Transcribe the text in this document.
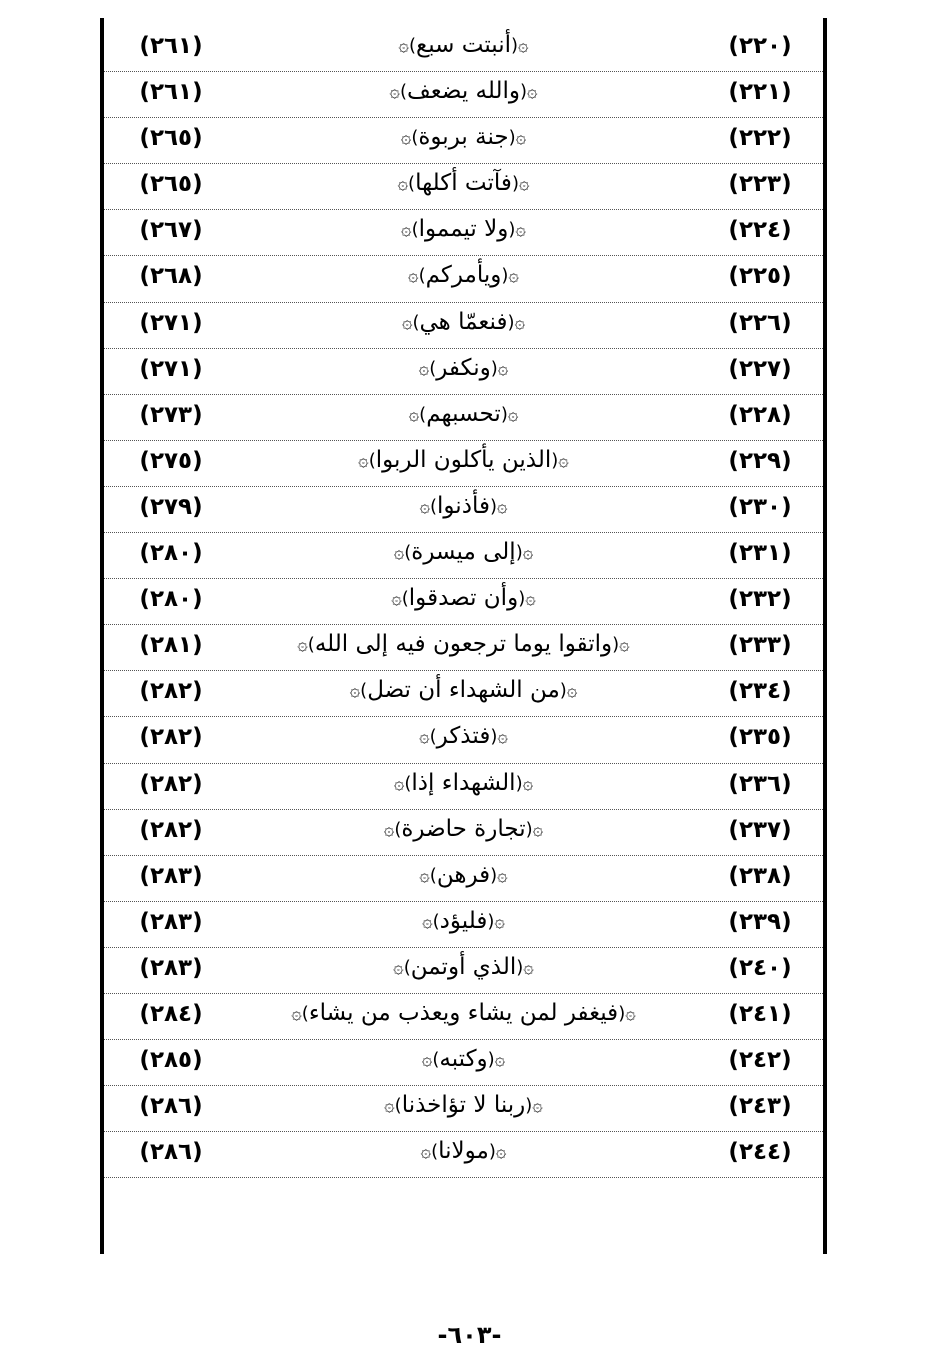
(٢٦١)	۞(أنبتت سبع)۞	(٢٢٠)
(٢٦١)	۞(والله يضعف)۞	(٢٢١)
(٢٦٥)	۞(جنة بربوة)۞	(٢٢٢)
(٢٦٥)	۞(فآتت أكلها)۞	(٢٢٣)
(٢٦٧)	۞(ولا تيمموا)۞	(٢٢٤)
(٢٦٨)	۞(ويأمركم)۞	(٢٢٥)
(٢٧١)	۞(فنعمّا هي)۞	(٢٢٦)
(٢٧١)	۞(ونكفر)۞	(٢٢٧)
(٢٧٣)	۞(تحسبهم)۞	(٢٢٨)
(٢٧٥)	۞(الذين يأكلون الربوا)۞	(٢٢٩)
(٢٧٩)	۞(فأذنوا)۞	(٢٣٠)
(٢٨٠)	۞(إلى ميسرة)۞	(٢٣١)
(٢٨٠)	۞(وأن تصدقوا)۞	(٢٣٢)
(٢٨١)	۞(واتقوا يوما ترجعون فيه إلى الله)۞	(٢٣٣)
(٢٨٢)	۞(من الشهداء أن تضل)۞	(٢٣٤)
(٢٨٢)	۞(فتذكر)۞	(٢٣٥)
(٢٨٢)	۞(الشهداء إذا)۞	(٢٣٦)
(٢٨٢)	۞(تجارة حاضرة)۞	(٢٣٧)
(٢٨٣)	۞(فرهن)۞	(٢٣٨)
(٢٨٣)	۞(فليؤد)۞	(٢٣٩)
(٢٨٣)	۞(الذي أوتمن)۞	(٢٤٠)
(٢٨٤)	۞(فيغفر لمن يشاء ويعذب من يشاء)۞	(٢٤١)
(٢٨٥)	۞(وكتبه)۞	(٢٤٢)
(٢٨٦)	۞(ربنا لا تؤاخذنا)۞	(٢٤٣)
(٢٨٦)	۞(مولانا)۞	(٢٤٤)
-٦٠٣-
